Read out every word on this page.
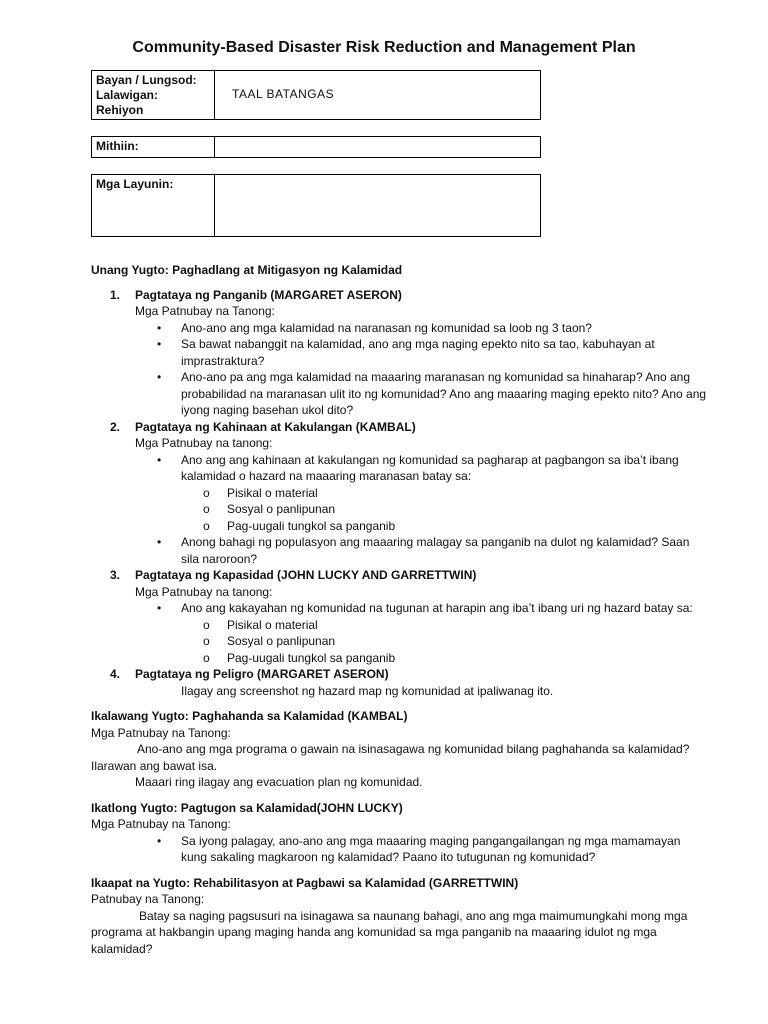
Community-Based Disaster Risk Reduction and Management Plan
Bayan / Lungsod:
Lalawigan:
Rehiyon
TAAL BATANGAS
Mithiin:
Mga Layunin:

Unang Yugto: Paghadlang at Mitigasyon ng Kalamidad

1. Pagtataya ng Panganib (MARGARET ASERON)

Mga Patnubay na Tanong:

• Ano-ano ang mga kalamidad na naranasan ng komunidad sa loob ng 3 taon?

• Sa bawat nabanggit na kalamidad, ano ang mga naging epekto nito sa tao, kabuhayan at

imprastraktura?

• Ano-ano pa ang mga kalamidad na maaaring maranasan ng komunidad sa hinaharap? Ano ang

probabilidad na maranasan ulit ito ng komunidad? Ano ang maaaring maging epekto nito? Ano ang

iyong naging basehan ukol dito?

2. Pagtataya ng Kahinaan at Kakulangan (KAMBAL)

Mga Patnubay na tanong:

• Ano ang ang kahinaan at kakulangan ng komunidad sa pagharap at pagbangon sa iba’t ibang

kalamidad o hazard na maaaring maranasan batay sa:

o Pisikal o material

o Sosyal o panlipunan

o Pag-uugali tungkol sa panganib

• Anong bahagi ng populasyon ang maaaring malagay sa panganib na dulot ng kalamidad? Saan

sila naroroon?

3. Pagtataya ng Kapasidad (JOHN LUCKY AND GARRETTWIN)

Mga Patnubay na tanong:

• Ano ang kakayahan ng komunidad na tugunan at harapin ang iba’t ibang uri ng hazard batay sa:

o Pisikal o material

o Sosyal o panlipunan

o Pag-uugali tungkol sa panganib

4. Pagtataya ng Peligro (MARGARET ASERON)

Ilagay ang screenshot ng hazard map ng komunidad at ipaliwanag ito.

Ikalawang Yugto: Paghahanda sa Kalamidad (KAMBAL)

Mga Patnubay na Tanong:

Ano-ano ang mga programa o gawain na isinasagawa ng komunidad bilang paghahanda sa kalamidad?

Ilarawan ang bawat isa.

Maaari ring ilagay ang evacuation plan ng komunidad.

Ikatlong Yugto: Pagtugon sa Kalamidad(JOHN LUCKY)

Mga Patnubay na Tanong:

• Sa iyong palagay, ano-ano ang mga maaaring maging pangangailangan ng mga mamamayan

kung sakaling magkaroon ng kalamidad? Paano ito tutugunan ng komunidad?

Ikaapat na Yugto: Rehabilitasyon at Pagbawi sa Kalamidad (GARRETTWIN)

Patnubay na Tanong:

Batay sa naging pagsusuri na isinagawa sa naunang bahagi, ano ang mga maimumungkahi mong mga

programa at hakbangin upang maging handa ang komunidad sa mga panganib na maaaring idulot ng mga

kalamidad?
